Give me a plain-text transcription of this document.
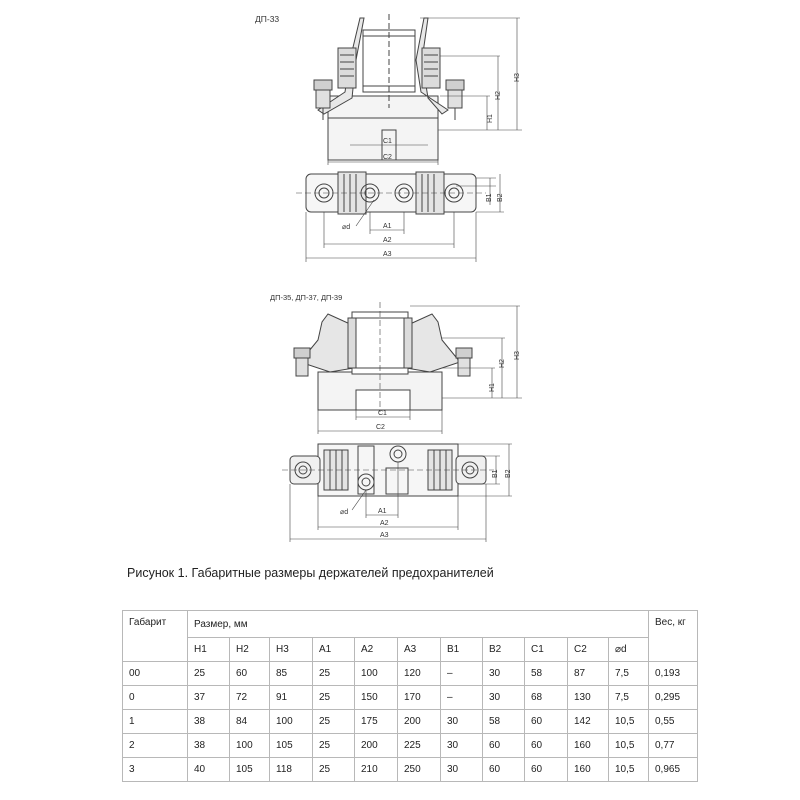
ДП-33
H1
H2
H3
C1
C2
B1 B2
A1
A2
A3
⌀d
ДП-35, ДП-37, ДП-39
H1
H2
H3
C1
C2
B1 B2
A1
A2
A3
⌀d
Рисунок 1. Габаритные размеры держателей предохранителей
Габарит	Размер, мм											Вес, кг
	H1	H2	H3	A1	A2	A3	B1	B2	C1	C2	⌀d	
00	25	60	85	25	100	120	–	30	58	87	7,5	0,193
0	37	72	91	25	150	170	–	30	68	130	7,5	0,295
1	38	84	100	25	175	200	30	58	60	142	10,5	0,55
2	38	100	105	25	200	225	30	60	60	160	10,5	0,77
3	40	105	118	25	210	250	30	60	60	160	10,5	0,965
